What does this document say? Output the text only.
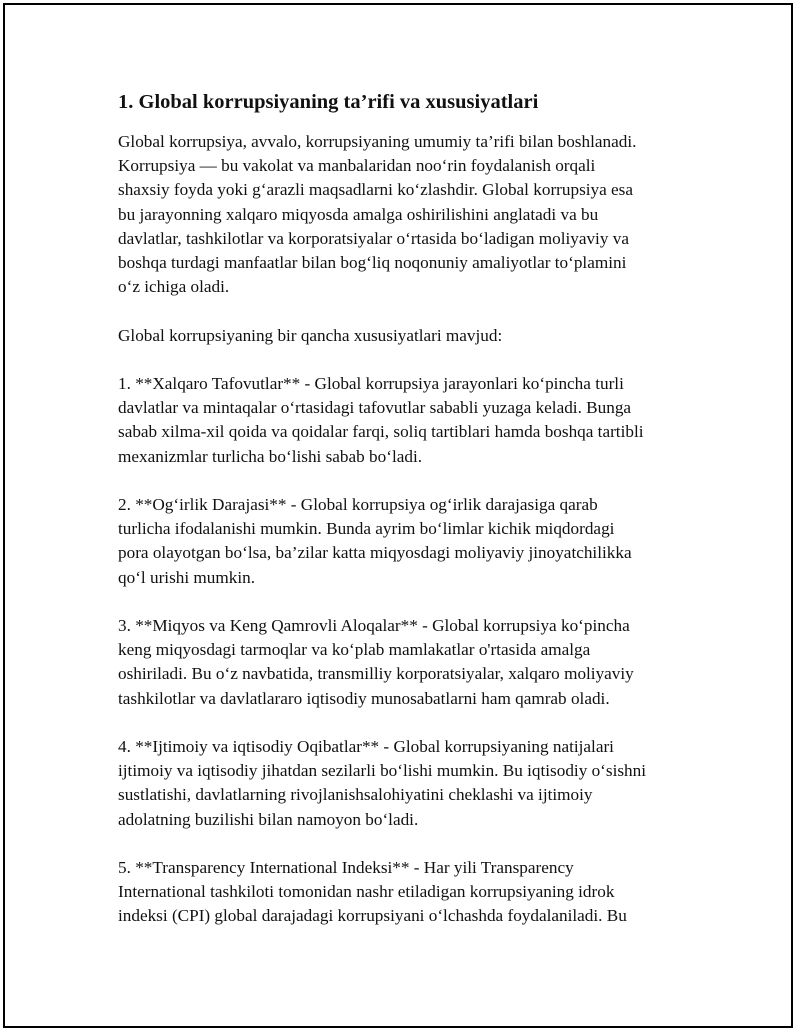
1. Global korrupsiyaning ta’rifi va xususiyatlari

Global korrupsiya, avvalo, korrupsiyaning umumiy ta’rifi bilan boshlanadi.
Korrupsiya — bu vakolat va manbalaridan noo‘rin foydalanish orqali
shaxsiy foyda yoki g‘arazli maqsadlarni ko‘zlashdir. Global korrupsiya esa
bu jarayonning xalqaro miqyosda amalga oshirilishini anglatadi va bu
davlatlar, tashkilotlar va korporatsiyalar o‘rtasida bo‘ladigan moliyaviy va
boshqa turdagi manfaatlar bilan bog‘liq noqonuniy amaliyotlar to‘plamini
o‘z ichiga oladi.

Global korrupsiyaning bir qancha xususiyatlari mavjud:

1. **Xalqaro Tafovutlar** - Global korrupsiya jarayonlari ko‘pincha turli
davlatlar va mintaqalar o‘rtasidagi tafovutlar sababli yuzaga keladi. Bunga
sabab xilma-xil qoida va qoidalar farqi, soliq tartiblari hamda boshqa tartibli
mexanizmlar turlicha bo‘lishi sabab bo‘ladi.

2. **Og‘irlik Darajasi** - Global korrupsiya og‘irlik darajasiga qarab
turlicha ifodalanishi mumkin. Bunda ayrim bo‘limlar kichik miqdordagi
pora olayotgan bo‘lsa, ba’zilar katta miqyosdagi moliyaviy jinoyatchilikka
qo‘l urishi mumkin.

3. **Miqyos va Keng Qamrovli Aloqalar** - Global korrupsiya ko‘pincha
keng miqyosdagi tarmoqlar va ko‘plab mamlakatlar o'rtasida amalga
oshiriladi. Bu o‘z navbatida, transmilliy korporatsiyalar, xalqaro moliyaviy
tashkilotlar va davlatlararo iqtisodiy munosabatlarni ham qamrab oladi.

4. **Ijtimoiy va iqtisodiy Oqibatlar** - Global korrupsiyaning natijalari
ijtimoiy va iqtisodiy jihatdan sezilarli bo‘lishi mumkin. Bu iqtisodiy o‘sishni
sustlatishi, davlatlarning rivojlanishsalohiyatini cheklashi va ijtimoiy
adolatning buzilishi bilan namoyon bo‘ladi.

5. **Transparency International Indeksi** - Har yili Transparency
International tashkiloti tomonidan nashr etiladigan korrupsiyaning idrok
indeksi (CPI) global darajadagi korrupsiyani o‘lchashda foydalaniladi. Bu
